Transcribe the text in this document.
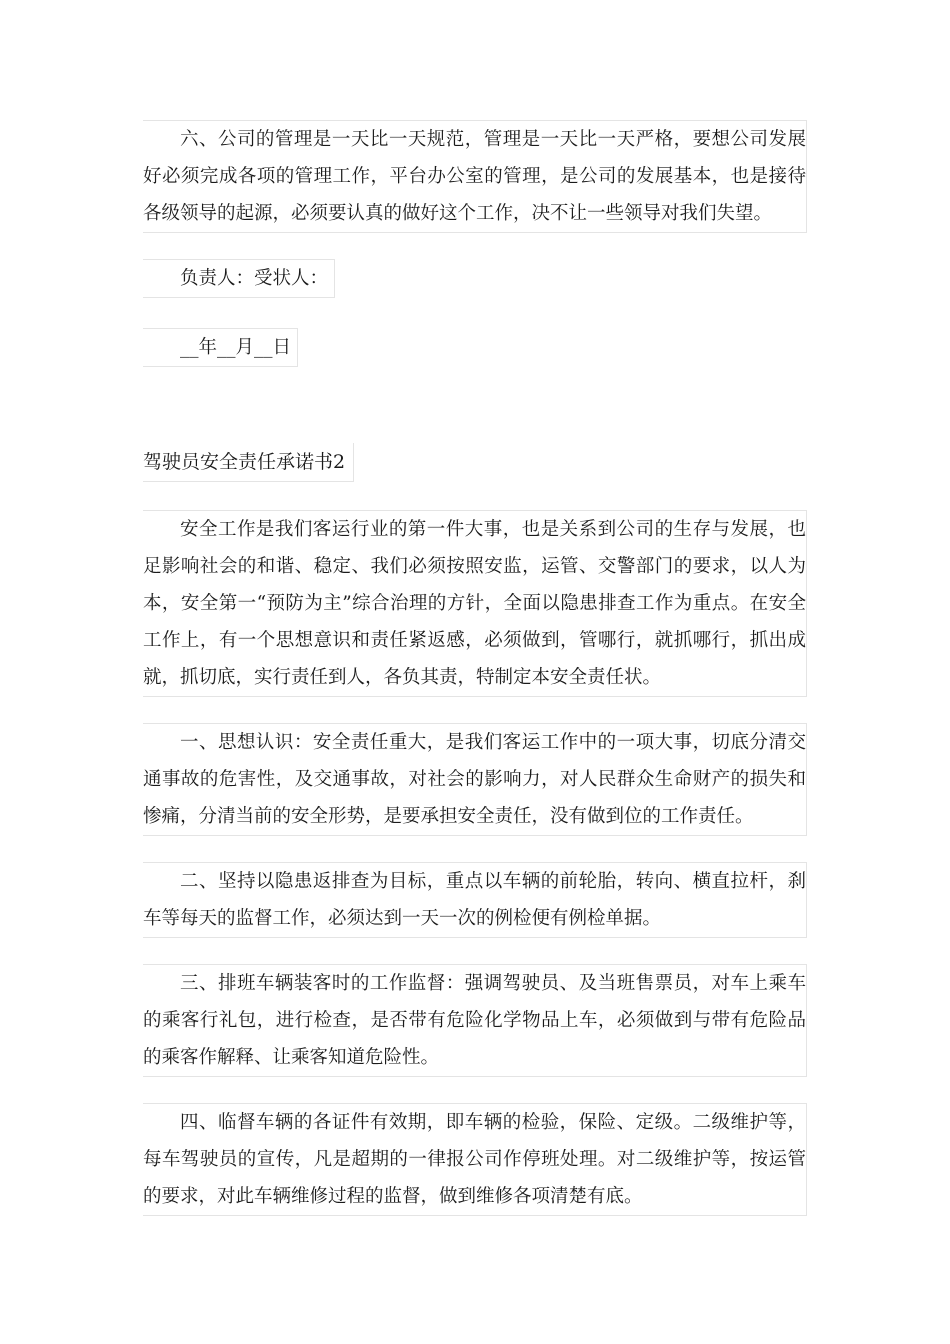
六、公司的管理是一天比一天规范，管理是一天比一天严格，要想公司发展好必须完成各项的管理工作，平台办公室的管理，是公司的发展基本，也是接待各级领导的起源，必须要认真的做好这个工作，决不让一些领导对我们失望。

负责人：受状人：
__年__月__日
驾驶员安全责任承诺书2

安全工作是我们客运行业的第一件大事，也是关系到公司的生存与发展，也足影响社会的和谐、稳定、我们必须按照安监，运管、交警部门的要求，以人为本，安全第一“预防为主”综合治理的方针，全面以隐患排查工作为重点。在安全工作上，有一个思想意识和责任紧返感，必须做到，管哪行，就抓哪行，抓出成就，抓切底，实行责任到人，各负其责，特制定本安全责任状。

一、思想认识：安全责任重大，是我们客运工作中的一项大事，切底分清交通事故的危害性，及交通事故，对社会的影响力，对人民群众生命财产的损失和惨痛，分清当前的安全形势，是要承担安全责任，没有做到位的工作责任。

二、坚持以隐患返排查为目标，重点以车辆的前轮胎，转向、横直拉杆，刹车等每天的监督工作，必须达到一天一次的例检便有例检单据。

三、排班车辆装客时的工作监督：强调驾驶员、及当班售票员，对车上乘车的乘客行礼包，进行检查，是否带有危险化学物品上车，必须做到与带有危险品的乘客作解释、让乘客知道危险性。

四、临督车辆的各证件有效期，即车辆的检验，保险、定级。二级维护等，每车驾驶员的宣传，凡是超期的一律报公司作停班处理。对二级维护等，按运管的要求，对此车辆维修过程的监督，做到维修各项清楚有底。
